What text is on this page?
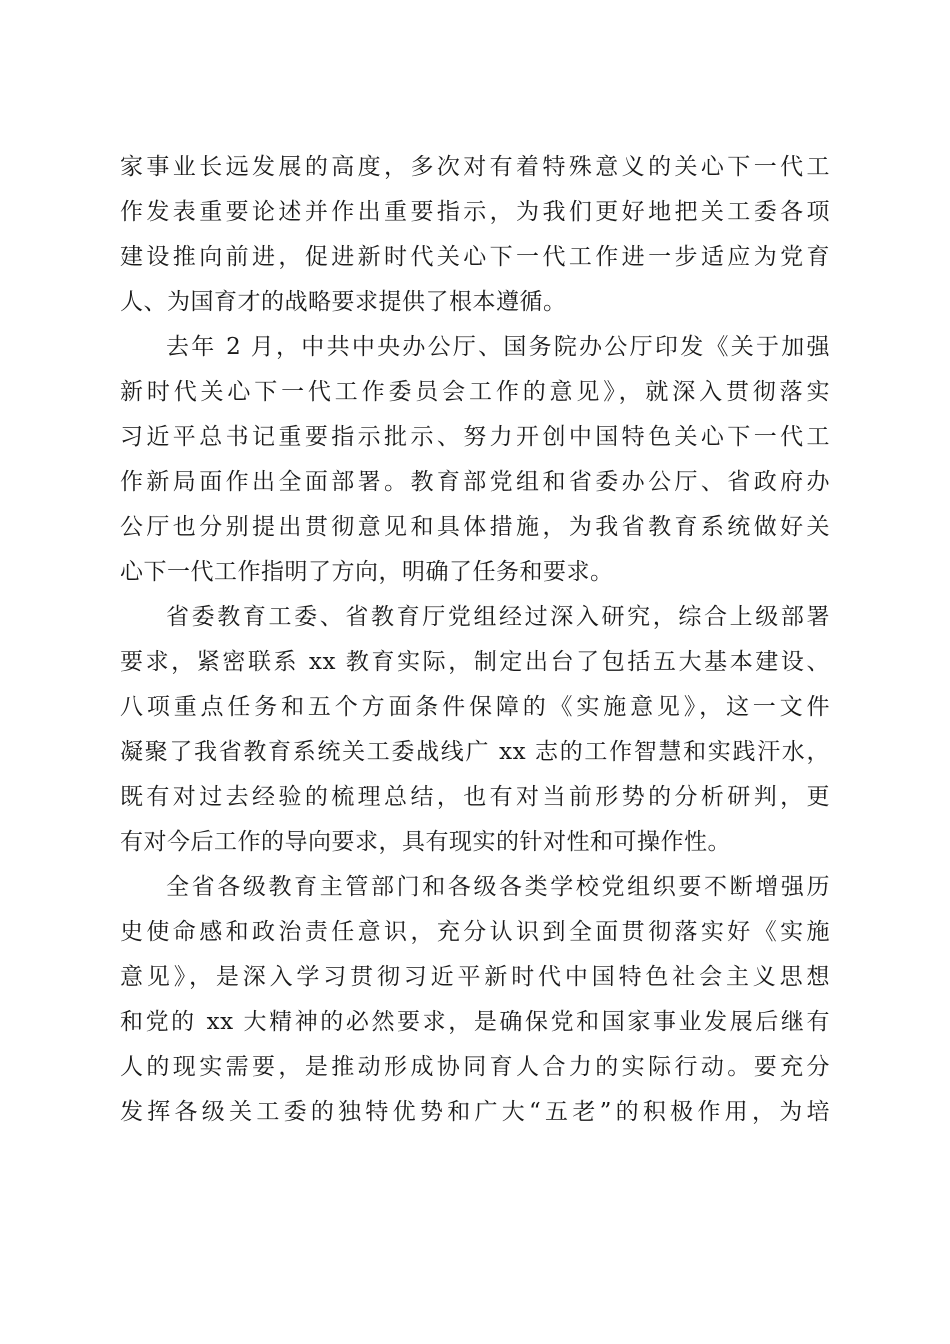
家事业长远发展的高度，多次对有着特殊意义的关心下一代工
作发表重要论述并作出重要指示，为我们更好地把关工委各项
建设推向前进，促进新时代关心下一代工作进一步适应为党育
人、为国育才的战略要求提供了根本遵循。
去年 2 月，中共中央办公厅、国务院办公厅印发《关于加强
新时代关心下一代工作委员会工作的意见》，就深入贯彻落实
习近平总书记重要指示批示、努力开创中国特色关心下一代工
作新局面作出全面部署。教育部党组和省委办公厅、省政府办
公厅也分别提出贯彻意见和具体措施，为我省教育系统做好关
心下一代工作指明了方向，明确了任务和要求。
省委教育工委、省教育厅党组经过深入研究，综合上级部署
要求，紧密联系 xx 教育实际，制定出台了包括五大基本建设、
八项重点任务和五个方面条件保障的《实施意见》，这一文件
凝聚了我省教育系统关工委战线广 xx 志的工作智慧和实践汗水，
既有对过去经验的梳理总结，也有对当前形势的分析研判，更
有对今后工作的导向要求，具有现实的针对性和可操作性。
全省各级教育主管部门和各级各类学校党组织要不断增强历
史使命感和政治责任意识，充分认识到全面贯彻落实好《实施
意见》，是深入学习贯彻习近平新时代中国特色社会主义思想
和党的 xx 大精神的必然要求，是确保党和国家事业发展后继有
人的现实需要，是推动形成协同育人合力的实际行动。要充分
发挥各级关工委的独特优势和广大“五老”的积极作用，为培
